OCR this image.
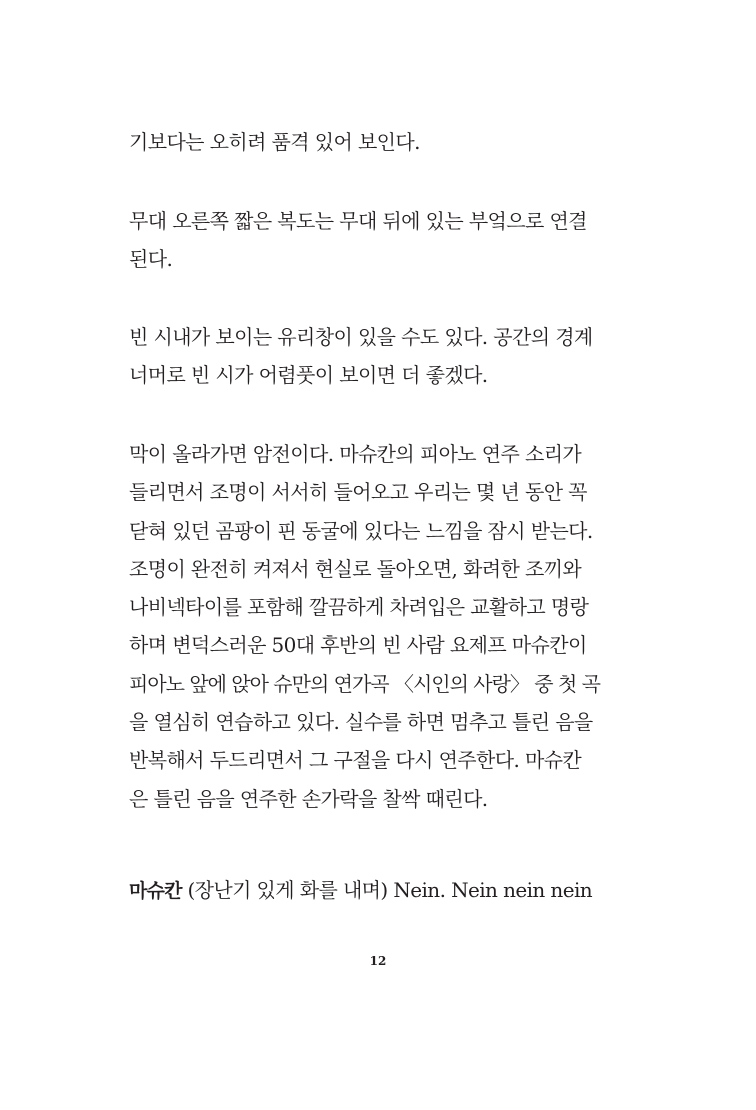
기보다는 오히려 품격 있어 보인다.

무대 오른쪽 짧은 복도는 무대 뒤에 있는 부엌으로 연결
된다.

빈 시내가 보이는 유리창이 있을 수도 있다. 공간의 경계
너머로 빈 시가 어렴풋이 보이면 더 좋겠다.

막이 올라가면 암전이다. 마슈칸의 피아노 연주 소리가
들리면서 조명이 서서히 들어오고 우리는 몇 년 동안 꼭
닫혀 있던 곰팡이 핀 동굴에 있다는 느낌을 잠시 받는다.
조명이 완전히 켜져서 현실로 돌아오면, 화려한 조끼와
나비넥타이를 포함해 깔끔하게 차려입은 교활하고 명랑
하며 변덕스러운 50대 후반의 빈 사람 요제프 마슈칸이
피아노 앞에 앉아 슈만의 연가곡 〈시인의 사랑〉 중 첫 곡
을 열심히 연습하고 있다. 실수를 하면 멈추고 틀린 음을
반복해서 두드리면서 그 구절을 다시 연주한다. 마슈칸
은 틀린 음을 연주한 손가락을 찰싹 때린다.

마슈칸 (장난기 있게 화를 내며) Nein. Nein nein nein

12
